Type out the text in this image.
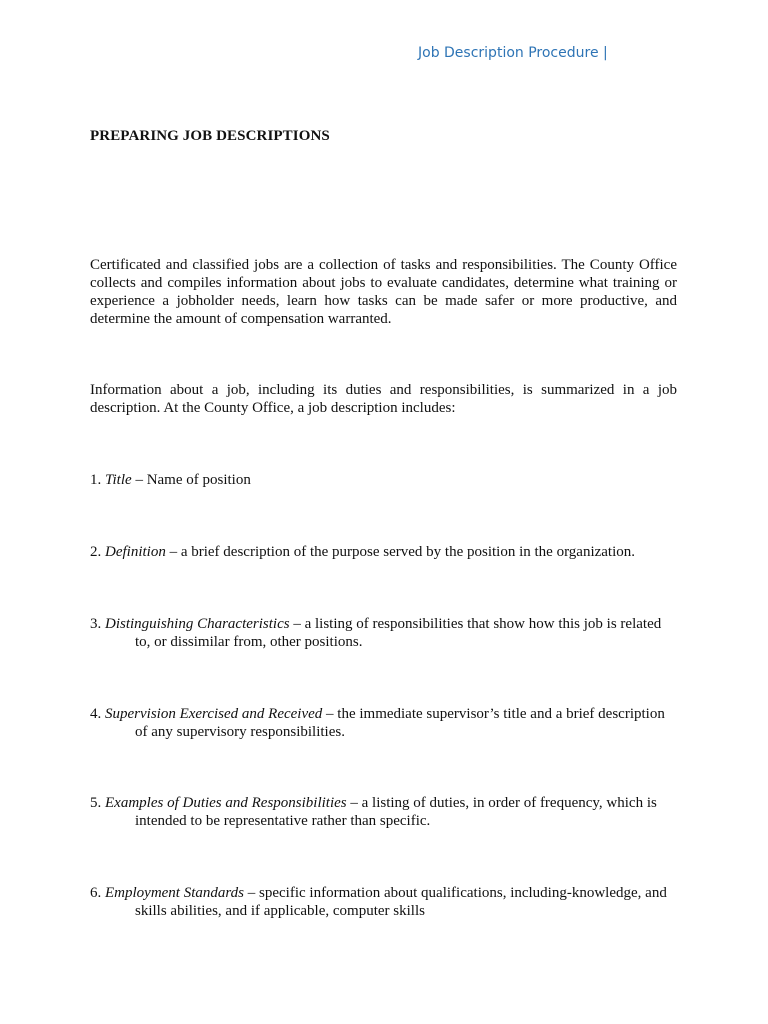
Job Description Procedure |
PREPARING JOB DESCRIPTIONS

Certificated and classified jobs are a collection of tasks and responsibilities. The County Office collects and compiles information about jobs to evaluate candidates, determine what training or experience a jobholder needs, learn how tasks can be made safer or more productive, and determine the amount of compensation warranted.

Information about a job, including its duties and responsibilities, is summarized in a job description. At the County Office, a job description includes:

1. Title – Name of position
2. Definition – a brief description of the purpose served by the position in the organization.
3. Distinguishing Characteristics – a listing of responsibilities that show how this job is related
to, or dissimilar from, other positions.
4. Supervision Exercised and Received – the immediate supervisor’s title and a brief description
of any supervisory responsibilities.
5. Examples of Duties and Responsibilities – a listing of duties, in order of frequency, which is
intended to be representative rather than specific.
6. Employment Standards – specific information about qualifications, including-knowledge, and
skills abilities, and if applicable, computer skills
